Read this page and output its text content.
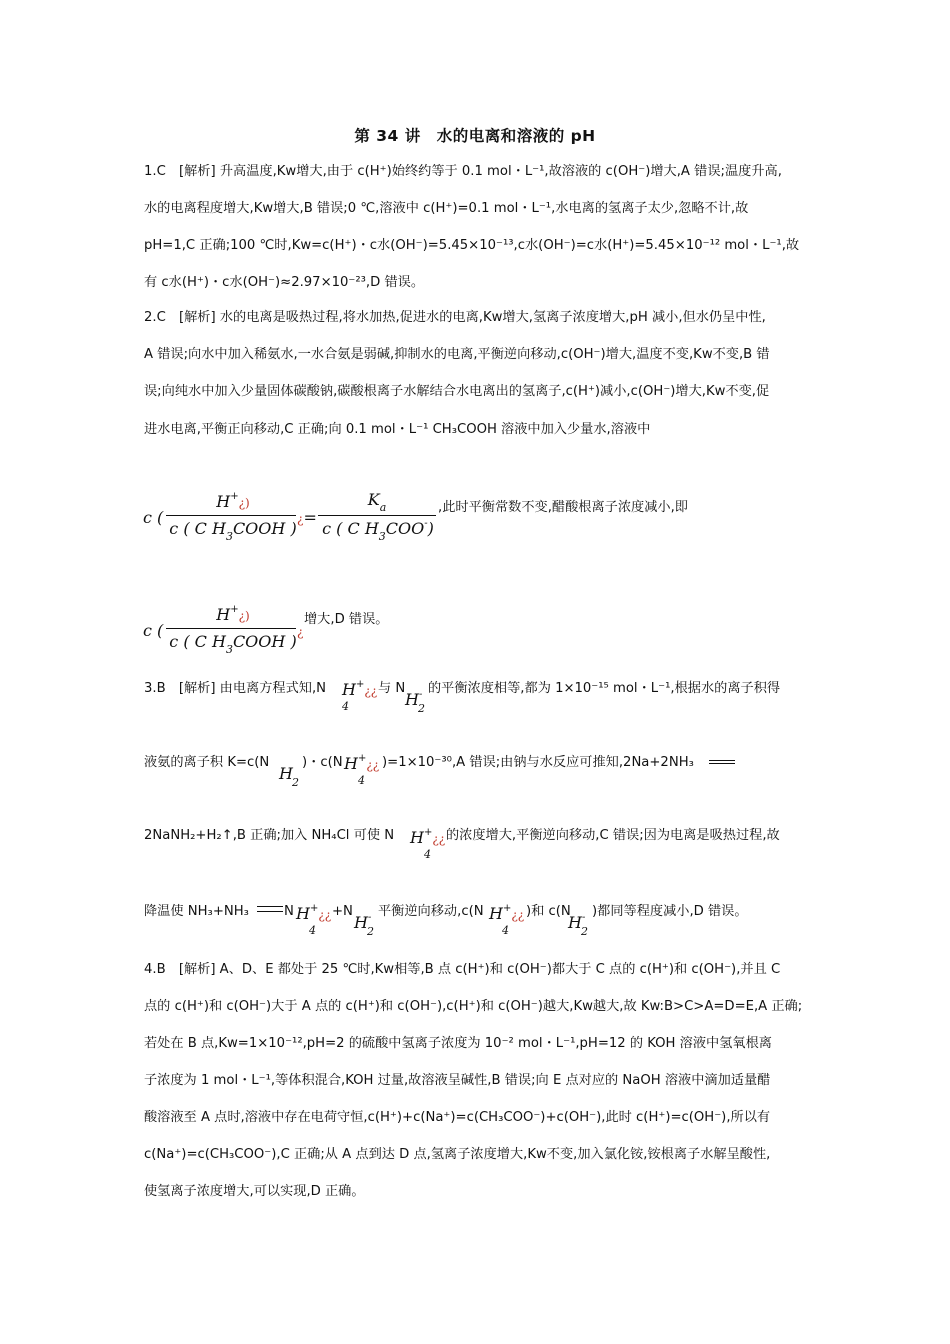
第 34 讲　水的电离和溶液的 pH
1.C　[解析] 升高温度,Kw增大,由于 c(H⁺)始终约等于 0.1 mol・L⁻¹,故溶液的 c(OH⁻)增大,A 错误;温度升高,
水的电离程度增大,Kw增大,B 错误;0 ℃,溶液中 c(H⁺)=0.1 mol・L⁻¹,水电离的氢离子太少,忽略不计,故
pH=1,C 正确;100 ℃时,Kw=c(H⁺)・c水(OH⁻)=5.45×10⁻¹³,c水(OH⁻)=c水(H⁺)=5.45×10⁻¹² mol・L⁻¹,故
有 c水(H⁺)・c水(OH⁻)≈2.97×10⁻²³,D 错误。
2.C　[解析] 水的电离是吸热过程,将水加热,促进水的电离,Kw增大,氢离子浓度增大,pH 减小,但水仍呈中性,
A 错误;向水中加入稀氨水,一水合氨是弱碱,抑制水的电离,平衡逆向移动,c(OH⁻)增大,温度不变,Kw不变,B 错
误;向纯水中加入少量固体碳酸钠,碳酸根离子水解结合水电离出的氢离子,c(H⁺)减小,c(OH⁻)增大,Kw不变,促
进水电离,平衡正向移动,C 正确;向 0.1 mol・L⁻¹ CH₃COOH 溶液中加入少量水,溶液中
c (
H+¿)
c ( C $H_3COOH$ ) ¿=
$K_a$
c ( C $H_3COO^-$)
,此时平衡常数不变,醋酸根离子浓度减小,即
c (
H+¿)
c ( C $H_3COOH$ ) ¿
增大,D 错误。
3.B　[解析] 由电离方程式知,N H+¿¿
4
与 N
H-
2
的平衡浓度相等,都为 1×10⁻¹⁵ mol・L⁻¹,根据水的离子积得
液氨的离子积 K=c(N
H 2
)・c(N H+¿¿
4
)=1×10⁻³⁰,A 错误;由钠与水反应可推知,2Na+2NH₃
2NaNH₂+H₂↑,B 正确;加入 NH₄Cl 可使 N H+¿¿
4
的浓度增大,平衡逆向移动,C 错误;因为电离是吸热过程,故
降温使 NH₃+NH₃	N H+¿¿
4
+N
H-
2
平衡逆向移动,c(N H+¿¿
4
)和 c(N
H-
2
)都同等程度减小,D 错误。
4.B　[解析] A、D、E 都处于 25 ℃时,Kw相等,B 点 c(H⁺)和 c(OH⁻)都大于 C 点的 c(H⁺)和 c(OH⁻),并且 C
点的 c(H⁺)和 c(OH⁻)大于 A 点的 c(H⁺)和 c(OH⁻),c(H⁺)和 c(OH⁻)越大,Kw越大,故 Kw:B>C>A=D=E,A 正确;
若处在 B 点,Kw=1×10⁻¹²,pH=2 的硫酸中氢离子浓度为 10⁻² mol・L⁻¹,pH=12 的 KOH 溶液中氢氧根离
子浓度为 1 mol・L⁻¹,等体积混合,KOH 过量,故溶液呈碱性,B 错误;向 E 点对应的 NaOH 溶液中滴加适量醋
酸溶液至 A 点时,溶液中存在电荷守恒,c(H⁺)+c(Na⁺)=c(CH₃COO⁻)+c(OH⁻),此时 c(H⁺)=c(OH⁻),所以有
c(Na⁺)=c(CH₃COO⁻),C 正确;从 A 点到达 D 点,氢离子浓度增大,Kw不变,加入氯化铵,铵根离子水解呈酸性,
使氢离子浓度增大,可以实现,D 正确。
